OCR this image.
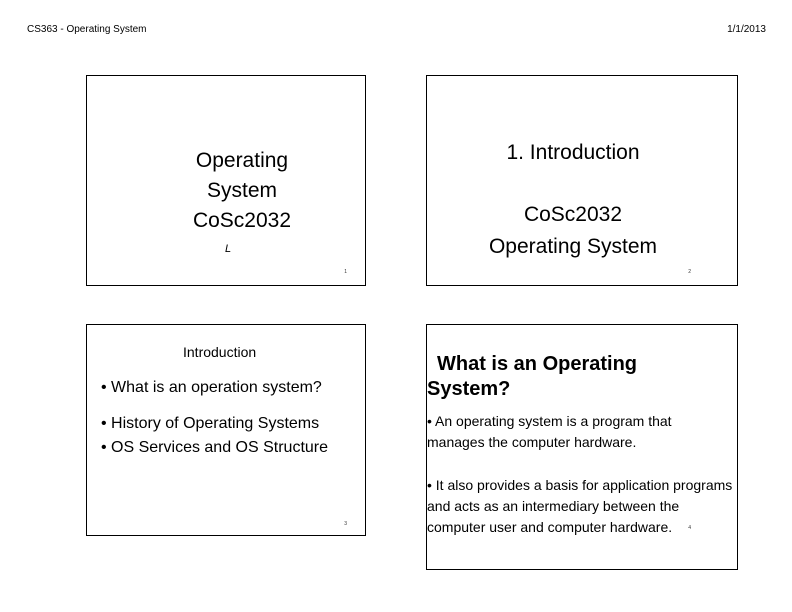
CS363 - Operating System	1/1/2013
Operating
System
CoSc2032
L
1
1. Introduction
CoSc2032
Operating System
2
Introduction
• What is an operation system?
• History of Operating Systems
• OS Services and OS Structure
3
What is an Operating
System?
• An operating system is a program that manages the computer hardware.
• It also provides a basis for application programs and acts as an intermediary between the computer user and computer hardware.	4
